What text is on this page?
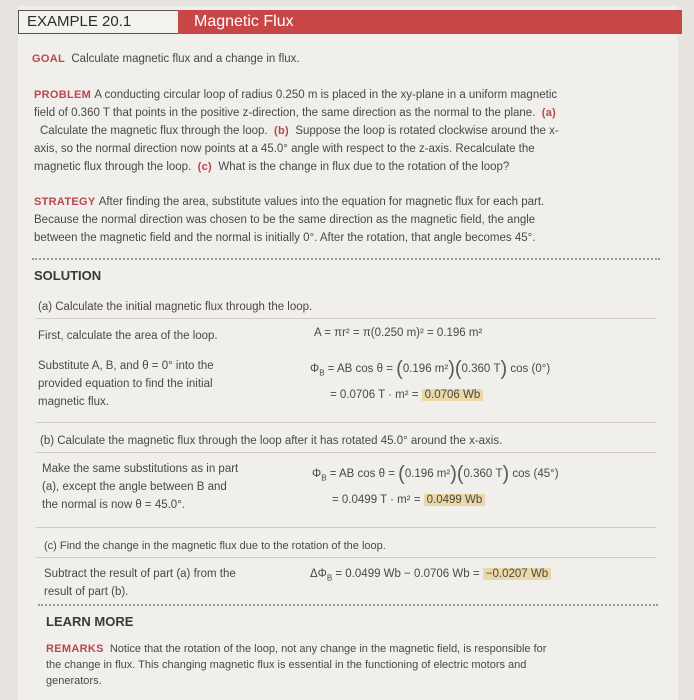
EXAMPLE 20.1	Magnetic Flux
GOAL Calculate magnetic flux and a change in flux.
PROBLEM A conducting circular loop of radius 0.250 m is placed in the xy-plane in a uniform magnetic
field of 0.360 T that points in the positive z-direction, the same direction as the normal to the plane. (a)
Calculate the magnetic flux through the loop. (b) Suppose the loop is rotated clockwise around the x-
axis, so the normal direction now points at a 45.0° angle with respect to the z-axis. Recalculate the
magnetic flux through the loop. (c) What is the change in flux due to the rotation of the loop?
STRATEGY After finding the area, substitute values into the equation for magnetic flux for each part.
Because the normal direction was chosen to be the same direction as the magnetic field, the angle
between the magnetic field and the normal is initially 0°. After the rotation, that angle becomes 45°.
SOLUTION
(a) Calculate the initial magnetic flux through the loop.
First, calculate the area of the loop.	A = πr² = π(0.250 m)² = 0.196 m²
Substitute A, B, and θ = 0° into the
provided equation to find the initial
magnetic flux.
$\Phi_B$ = AB cos θ = (0.196 m²)(0.360 T) cos (0°)
= 0.0706 T · m² = 0.0706 Wb
(b) Calculate the magnetic flux through the loop after it has rotated 45.0° around the x-axis.
Make the same substitutions as in part
(a), except the angle between B and
the normal is now θ = 45.0°.
$\Phi_B$ = AB cos θ = (0.196 m²)(0.360 T) cos (45°)
= 0.0499 T · m² = 0.0499 Wb
(c) Find the change in the magnetic flux due to the rotation of the loop.
Subtract the result of part (a) from the
result of part (b).
$\Delta\Phi_B = 0.0499$ Wb − 0.0706 Wb = −0.0207 Wb
LEARN MORE
REMARKS Notice that the rotation of the loop, not any change in the magnetic field, is responsible for
the change in flux. This changing magnetic flux is essential in the functioning of electric motors and
generators.
